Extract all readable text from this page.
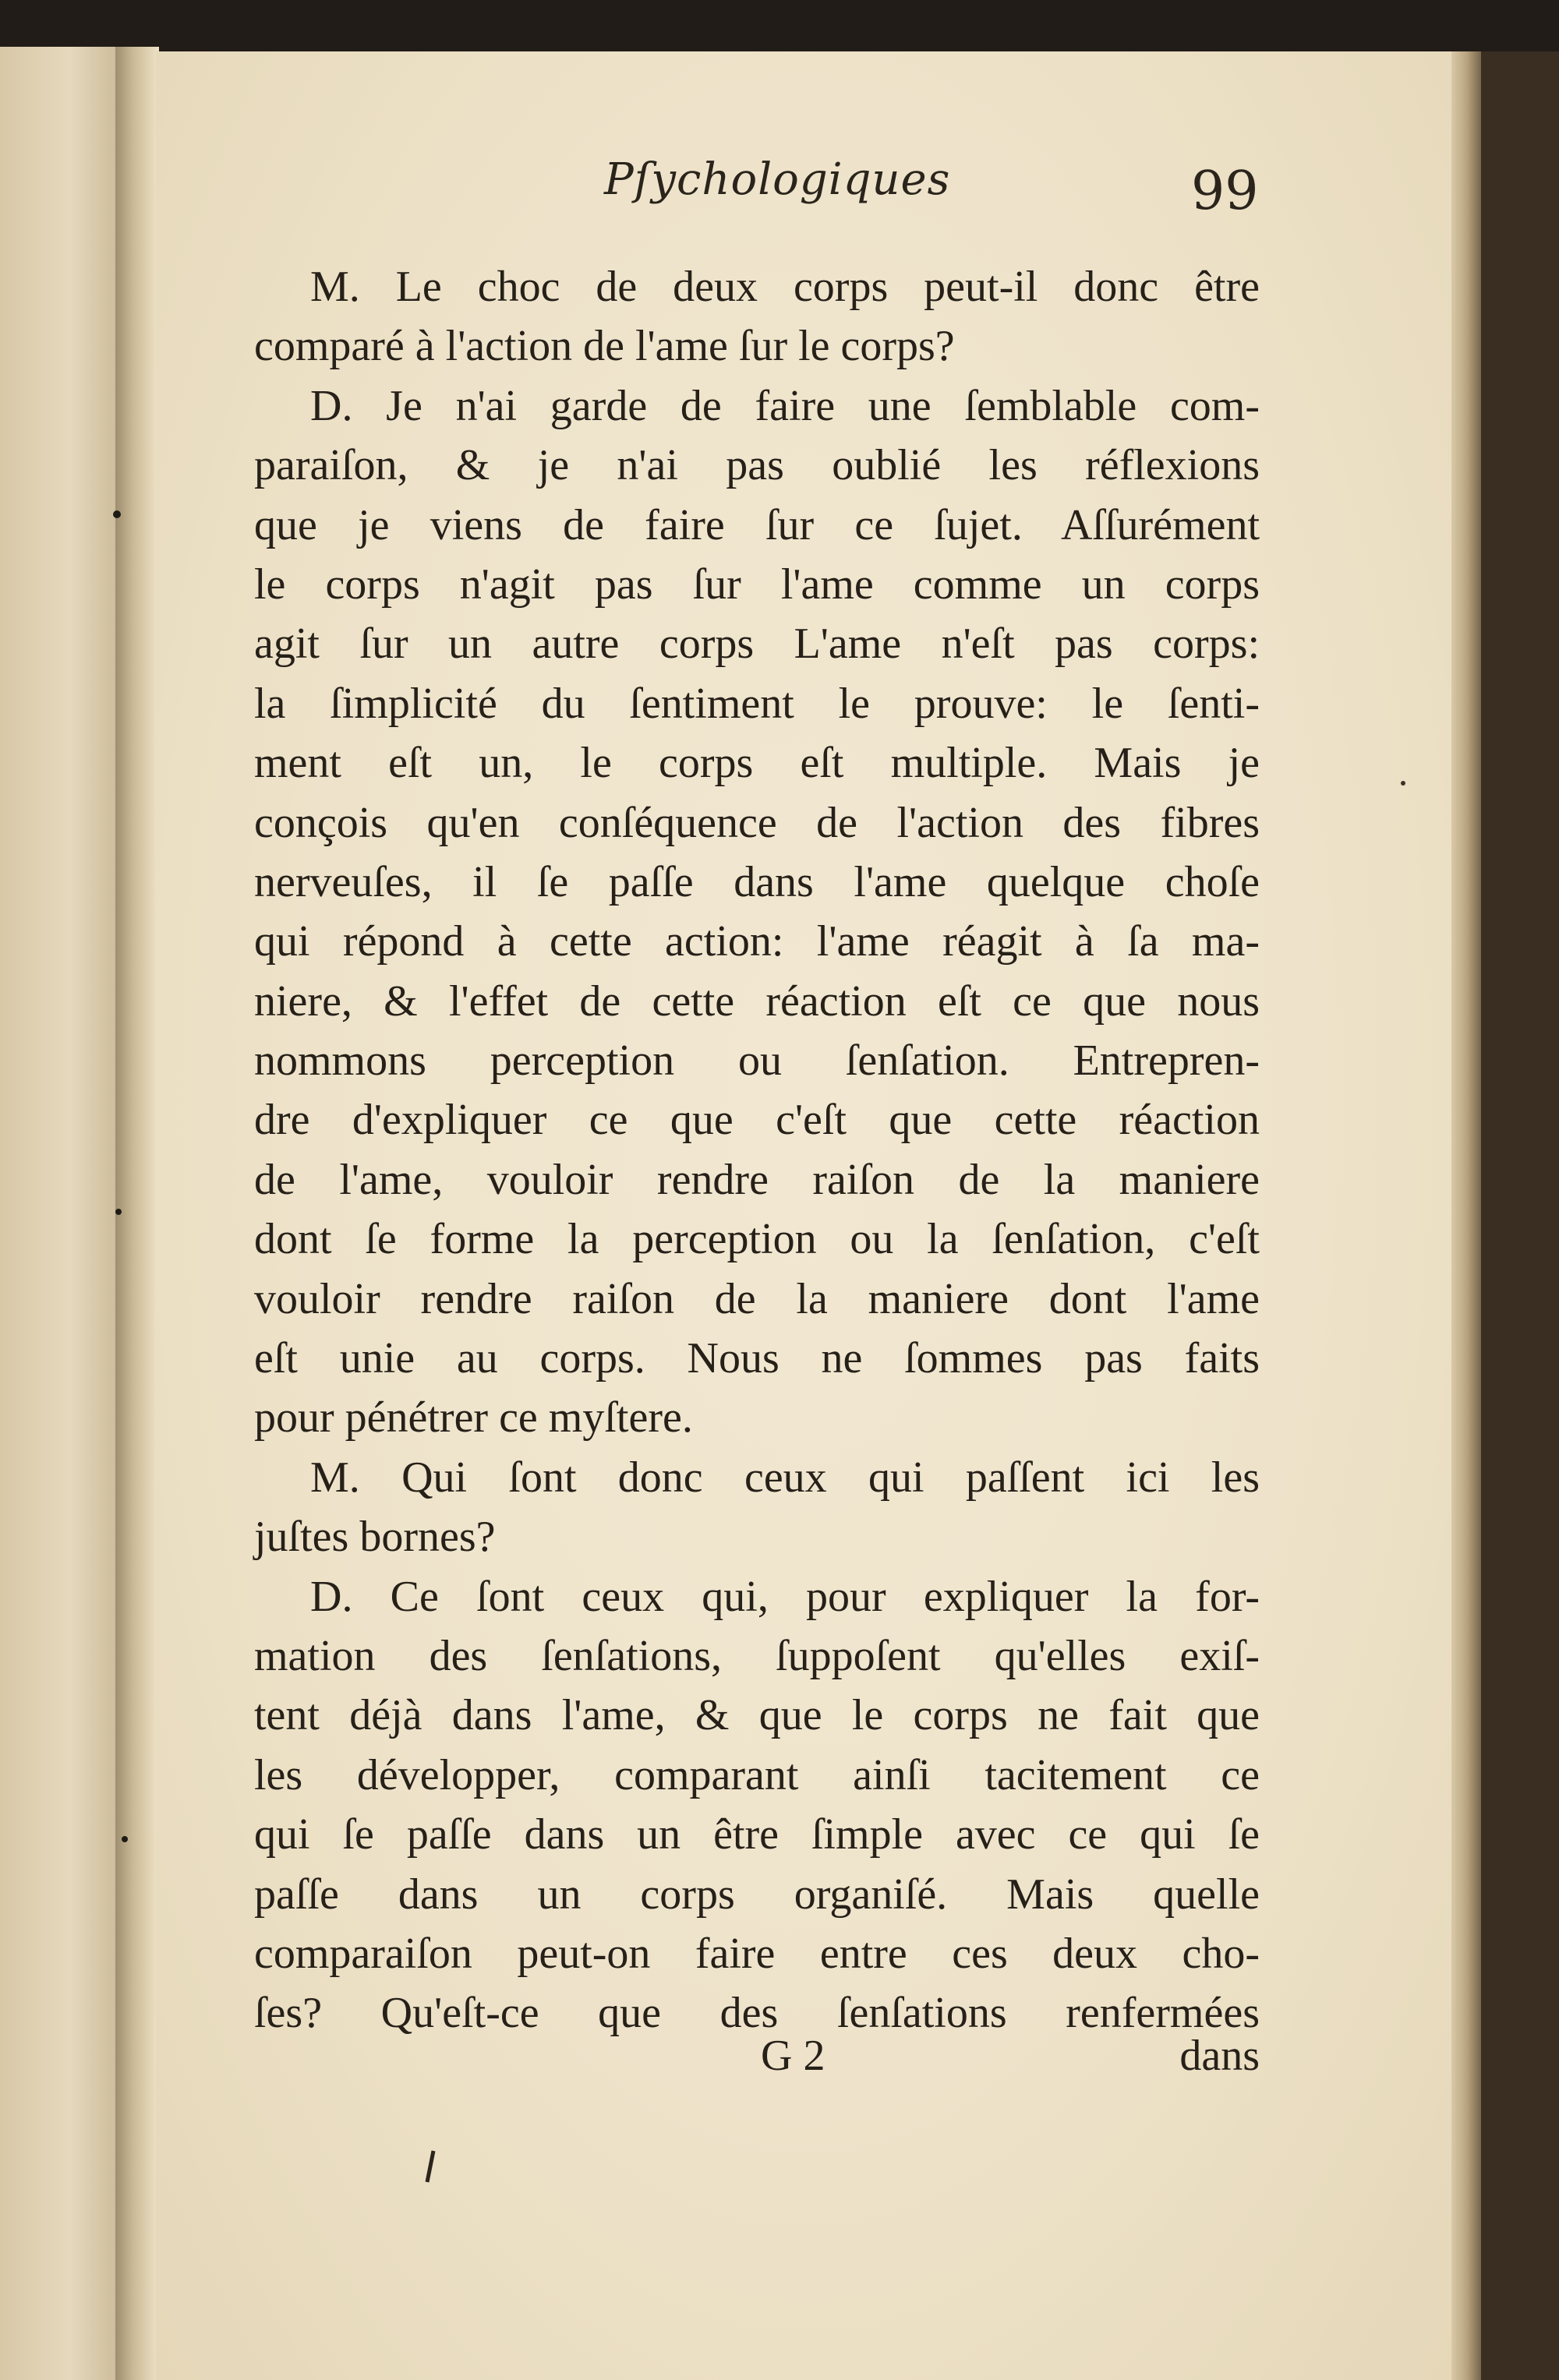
Pſychologiques	99
M. Le choc de deux corps peut-il donc être
comparé à l'action de l'ame ſur le corps?
D. Je n'ai garde de faire une ſemblable com-
paraiſon, & je n'ai pas oublié les réflexions
que je viens de faire ſur ce ſujet. Aſſurément
le corps n'agit pas ſur l'ame comme un corps
agit ſur un autre corps L'ame n'eſt pas corps:
la ſimplicité du ſentiment le prouve: le ſenti-
ment eſt un, le corps eſt multiple. Mais je
conçois qu'en conſéquence de l'action des fibres
nerveuſes, il ſe paſſe dans l'ame quelque choſe
qui répond à cette action: l'ame réagit à ſa ma-
niere, & l'effet de cette réaction eſt ce que nous
nommons perception ou ſenſation. Entrepren-
dre d'expliquer ce que c'eſt que cette réaction
de l'ame, vouloir rendre raiſon de la maniere
dont ſe forme la perception ou la ſenſation, c'eſt
vouloir rendre raiſon de la maniere dont l'ame
eſt unie au corps. Nous ne ſommes pas faits
pour pénétrer ce myſtere.
M. Qui ſont donc ceux qui paſſent ici les
juſtes bornes?
D. Ce ſont ceux qui, pour expliquer la for-
mation des ſenſations, ſuppoſent qu'elles exiſ-
tent déjà dans l'ame, & que le corps ne fait que
les développer, comparant ainſi tacitement ce
qui ſe paſſe dans un être ſimple avec ce qui ſe
paſſe dans un corps organiſé. Mais quelle
comparaiſon peut-on faire entre ces deux cho-
ſes? Qu'eſt-ce que des ſenſations renfermées
G 2	dans
